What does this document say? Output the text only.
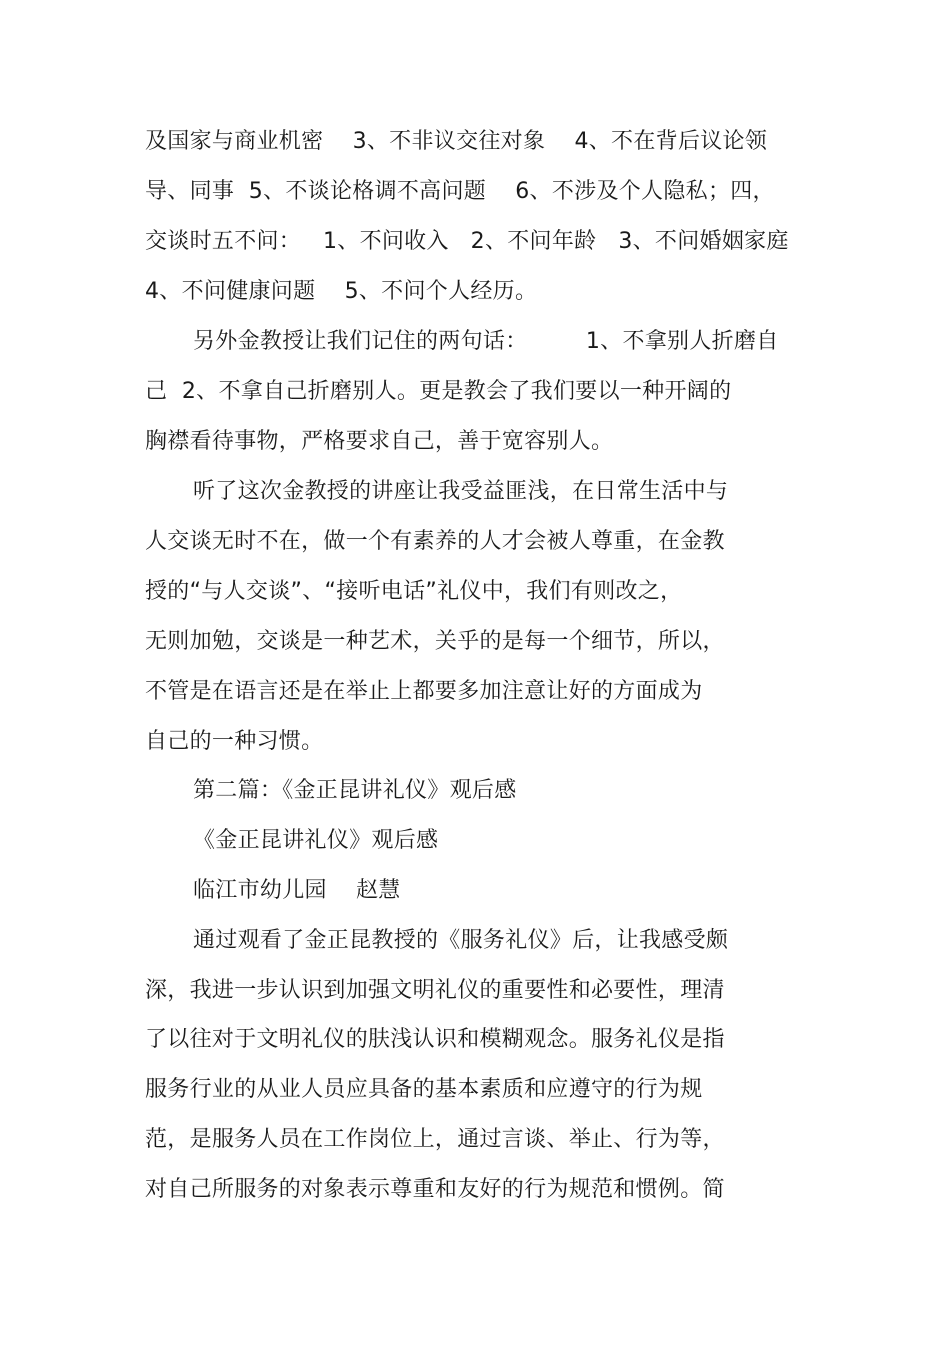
及国家与商业机密    3、不非议交往对象    4、不在背后议论领
导、同事  5、不谈论格调不高问题    6、不涉及个人隐私；四，
交谈时五不问：   1、不问收入   2、不问年龄   3、不问婚姻家庭
4、不问健康问题    5、不问个人经历。
另外金教授让我们记住的两句话：        1、不拿别人折磨自
己  2、不拿自己折磨别人。更是教会了我们要以一种开阔的
胸襟看待事物，严格要求自己，善于宽容别人。
听了这次金教授的讲座让我受益匪浅，在日常生活中与
人交谈无时不在，做一个有素养的人才会被人尊重，在金教
授的“与人交谈”、“接听电话”礼仪中，我们有则改之，
无则加勉，交谈是一种艺术，关乎的是每一个细节，所以，
不管是在语言还是在举止上都要多加注意让好的方面成为
自己的一种习惯。
第二篇：《金正昆讲礼仪》观后感
《金正昆讲礼仪》观后感
临江市幼儿园    赵慧
通过观看了金正昆教授的《服务礼仪》后，让我感受颇
深，我进一步认识到加强文明礼仪的重要性和必要性，理清
了以往对于文明礼仪的肤浅认识和模糊观念。服务礼仪是指
服务行业的从业人员应具备的基本素质和应遵守的行为规
范，是服务人员在工作岗位上，通过言谈、举止、行为等，
对自己所服务的对象表示尊重和友好的行为规范和惯例。简
